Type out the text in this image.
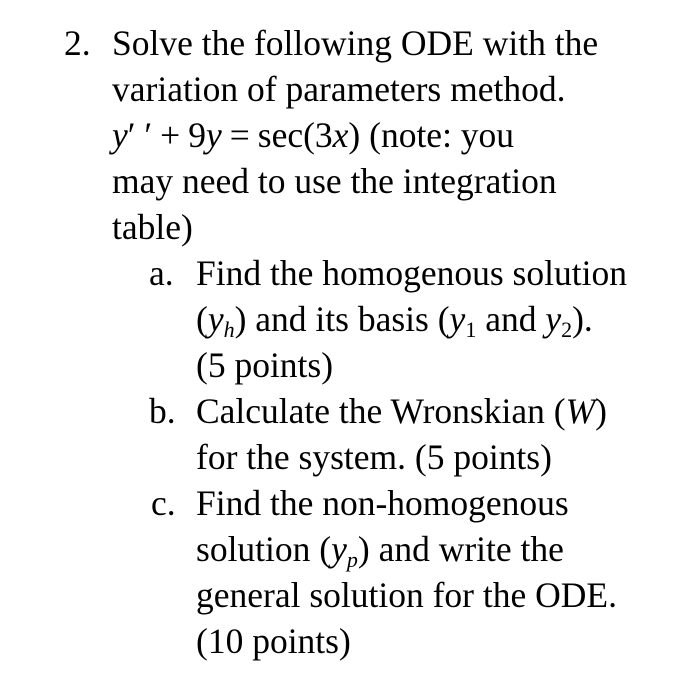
2. Solve the following ODE with the
variation of parameters method.
y′ ′ + 9y = sec(3x) (note: you
may need to use the integration
table)
a. Find the homogenous solution
$(y_h)$ and its basis ($y_1$ and $y_2$).
(5 points)
b. Calculate the Wronskian (W)
for the system. (5 points)
c. Find the non-homogenous
solution $(y_p)$ and write the
general solution for the ODE.
(10 points)
